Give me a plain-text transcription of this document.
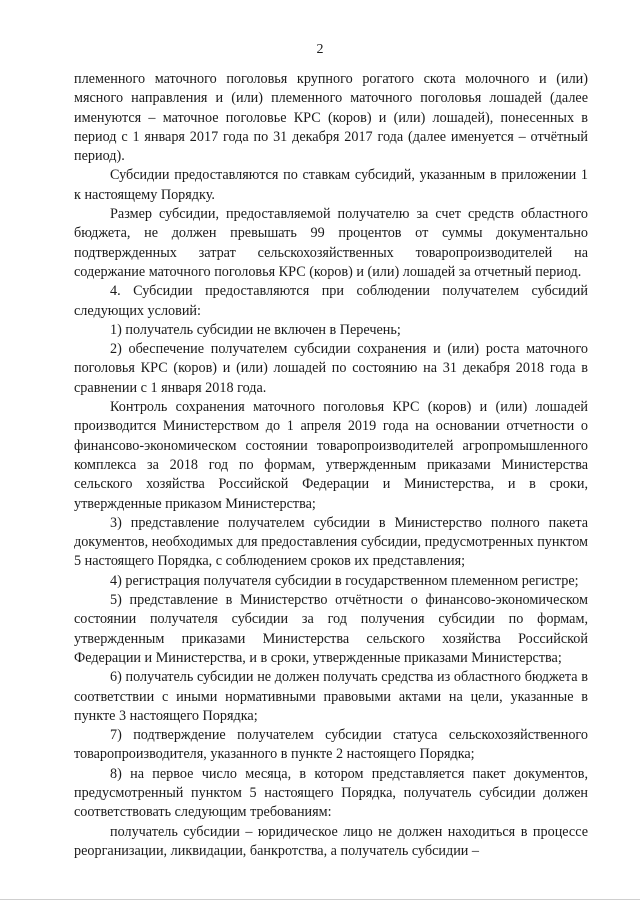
2

племенного маточного поголовья крупного рогатого скота молочного и (или) мясного направления и (или) племенного маточного поголовья лошадей (далее именуются – маточное поголовье КРС (коров) и (или) лошадей), понесенных в период с 1 января 2017 года по 31 декабря 2017 года (далее именуется – отчётный период).

Субсидии предоставляются по ставкам субсидий, указанным в приложении 1 к настоящему Порядку.

Размер субсидии, предоставляемой получателю за счет средств областного бюджета, не должен превышать 99 процентов от суммы документально подтвержденных затрат сельскохозяйственных товаропроизводителей на содержание маточного поголовья КРС (коров) и (или) лошадей за отчетный период.

4. Субсидии предоставляются при соблюдении получателем субсидий следующих условий:

1) получатель субсидии не включен в Перечень;

2) обеспечение получателем субсидии сохранения и (или) роста маточного поголовья КРС (коров) и (или) лошадей по состоянию на 31 декабря 2018 года в сравнении с 1 января 2018 года.

Контроль сохранения маточного поголовья КРС (коров) и (или) лошадей производится Министерством до 1 апреля 2019 года на основании отчетности о финансово-экономическом состоянии товаропроизводителей агропромышленного комплекса за 2018 год по формам, утвержденным приказами Министерства сельского хозяйства Российской Федерации и Министерства, и в сроки, утвержденные приказом Министерства;

3) представление получателем субсидии в Министерство полного пакета документов, необходимых для предоставления субсидии, предусмотренных пунктом 5 настоящего Порядка, с соблюдением сроков их представления;

4) регистрация получателя субсидии в государственном племенном регистре;

5) представление в Министерство отчётности о финансово-экономическом состоянии получателя субсидии за год получения субсидии по формам, утвержденным приказами Министерства сельского хозяйства Российской Федерации и Министерства, и в сроки, утвержденные приказами Министерства;

6) получатель субсидии не должен получать средства из областного бюджета в соответствии с иными нормативными правовыми актами на цели, указанные в пункте 3 настоящего Порядка;

7) подтверждение получателем субсидии статуса сельскохозяйственного товаропроизводителя, указанного в пункте 2 настоящего Порядка;

8) на первое число месяца, в котором представляется пакет документов, предусмотренный пунктом 5 настоящего Порядка, получатель субсидии должен соответствовать следующим требованиям:

получатель субсидии – юридическое лицо не должен находиться в процессе реорганизации, ликвидации, банкротства, а получатель субсидии –
